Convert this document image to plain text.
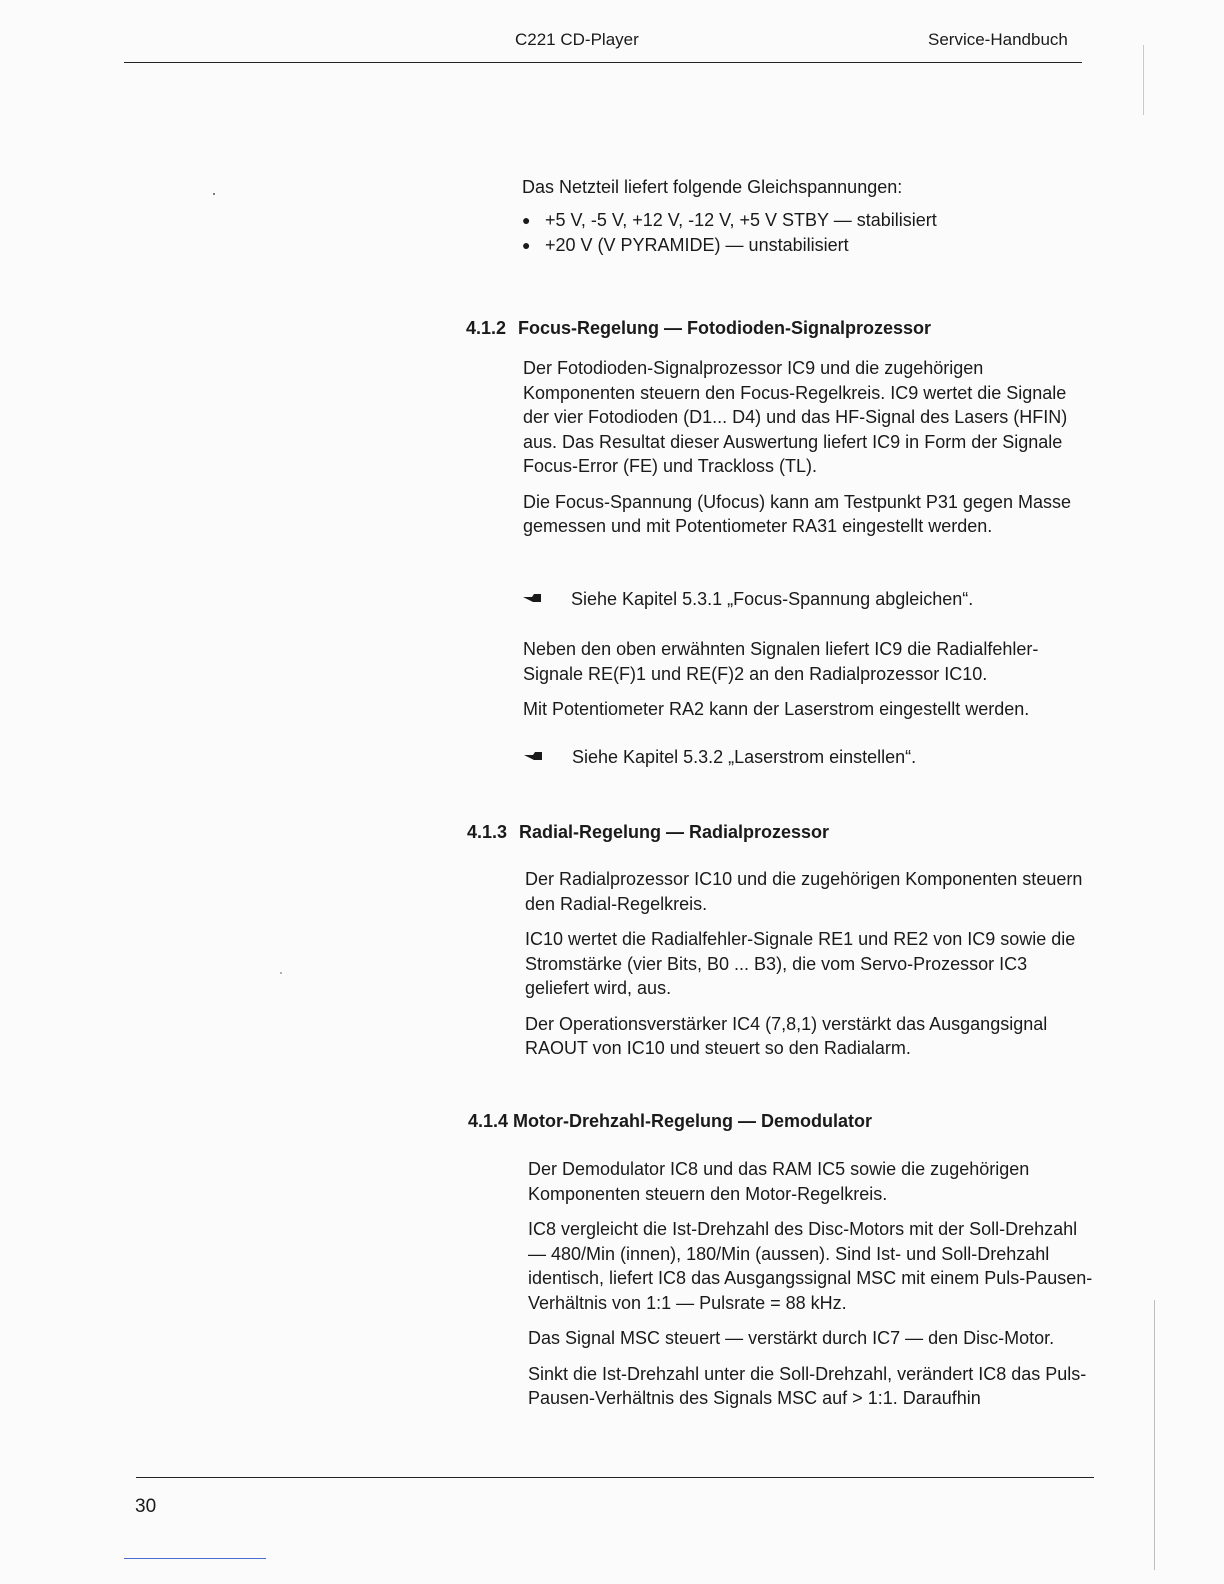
C221 CD-Player	Service-Handbuch

Das Netzteil liefert folgende Gleichspannungen:

● +5 V, -5 V, +12 V, -12 V, +5 V STBY — stabilisiert
● +20 V (V PYRAMIDE) — unstabilisiert
4.1.2 Focus-Regelung — Fotodioden-Signalprozessor

Der Fotodioden-Signalprozessor IC9 und die zugehörigen Komponenten steuern den Focus-Regelkreis. IC9 wertet die Signale der vier Fotodioden (D1... D4) und das HF-Signal des Lasers (HFIN) aus. Das Resultat dieser Auswertung liefert IC9 in Form der Signale Focus-Error (FE) und Trackloss (TL).

Die Focus-Spannung (Ufocus) kann am Testpunkt P31 gegen Masse gemessen und mit Potentiometer RA31 eingestellt werden.

Siehe Kapitel 5.3.1 „Focus-Spannung abgleichen“.

Neben den oben erwähnten Signalen liefert IC9 die Radialfehler-Signale RE(F)1 und RE(F)2 an den Radialprozessor IC10.

Mit Potentiometer RA2 kann der Laserstrom eingestellt werden.

Siehe Kapitel 5.3.2 „Laserstrom einstellen“.
4.1.3 Radial-Regelung — Radialprozessor

Der Radialprozessor IC10 und die zugehörigen Komponenten steuern den Radial-Regelkreis.

IC10 wertet die Radialfehler-Signale RE1 und RE2 von IC9 sowie die Stromstärke (vier Bits, B0 ... B3), die vom Servo-Prozessor IC3 geliefert wird, aus.

Der Operationsverstärker IC4 (7,8,1) verstärkt das Ausgangsignal RAOUT von IC10 und steuert so den Radialarm.

4.1.4 Motor-Drehzahl-Regelung — Demodulator

Der Demodulator IC8 und das RAM IC5 sowie die zugehörigen Komponenten steuern den Motor-Regelkreis.

IC8 vergleicht die Ist-Drehzahl des Disc-Motors mit der Soll-Drehzahl — 480/Min (innen), 180/Min (aussen). Sind Ist- und Soll-Drehzahl identisch, liefert IC8 das Ausgangssignal MSC mit einem Puls-Pausen-Verhältnis von 1:1 — Pulsrate = 88 kHz.

Das Signal MSC steuert — verstärkt durch IC7 — den Disc-Motor.

Sinkt die Ist-Drehzahl unter die Soll-Drehzahl, verändert IC8 das Puls-Pausen-Verhältnis des Signals MSC auf > 1:1. Daraufhin

30
